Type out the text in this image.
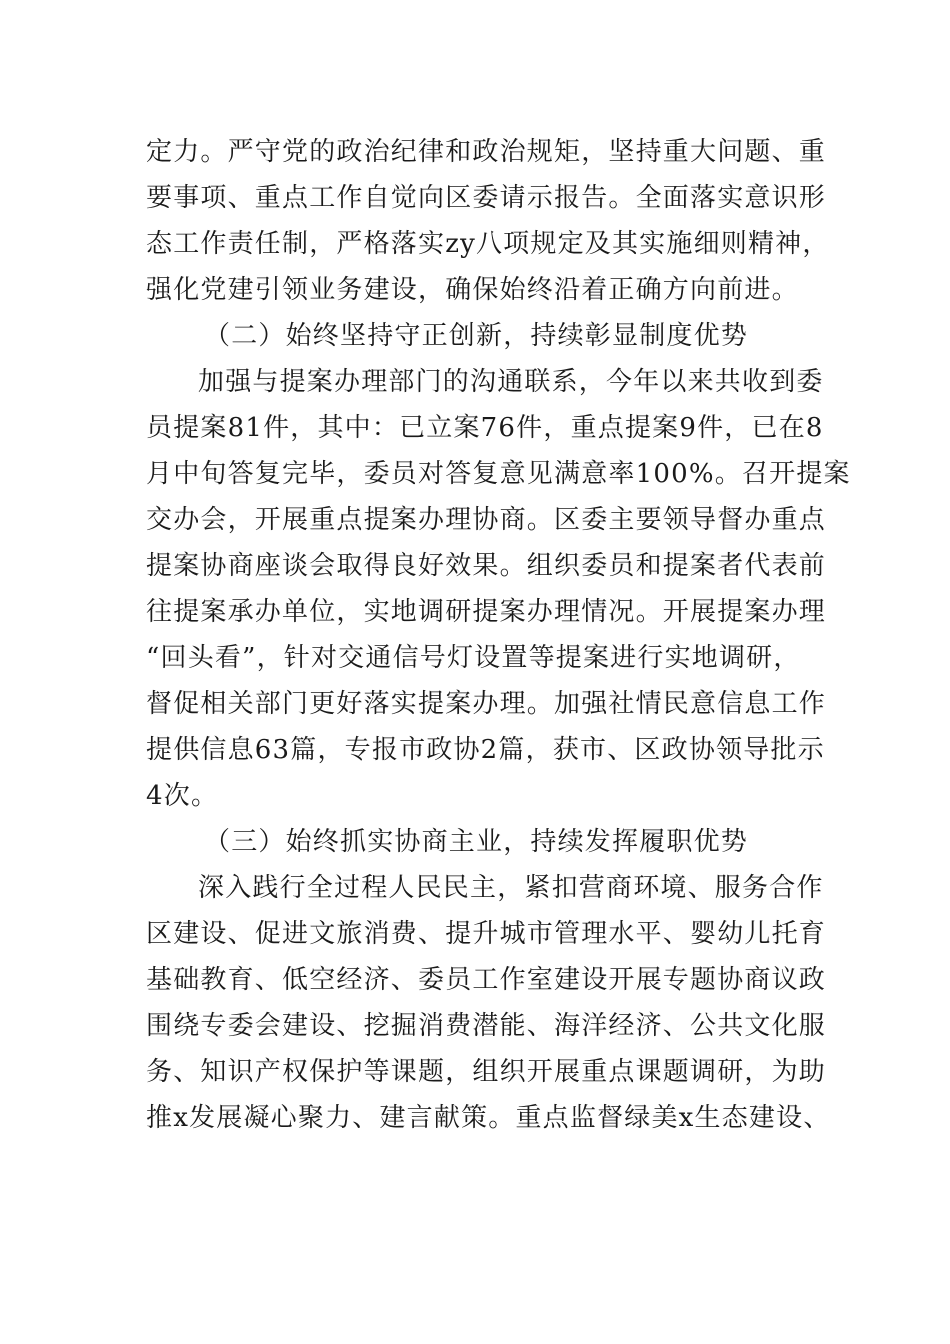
定力。严守党的政治纪律和政治规矩，坚持重大问题、重
要事项、重点工作自觉向区委请示报告。全面落实意识形
态工作责任制，严格落实zy八项规定及其实施细则精神，
强化党建引领业务建设，确保始终沿着正确方向前进。
（二）始终坚持守正创新，持续彰显制度优势
加强与提案办理部门的沟通联系，今年以来共收到委
员提案81件，其中：已立案76件，重点提案9件，已在8
月中旬答复完毕，委员对答复意见满意率100%。召开提案
交办会，开展重点提案办理协商。区委主要领导督办重点
提案协商座谈会取得良好效果。组织委员和提案者代表前
往提案承办单位，实地调研提案办理情况。开展提案办理
“回头看”，针对交通信号灯设置等提案进行实地调研，
督促相关部门更好落实提案办理。加强社情民意信息工作
提供信息63篇，专报市政协2篇，获市、区政协领导批示
4次。
（三）始终抓实协商主业，持续发挥履职优势
深入践行全过程人民民主，紧扣营商环境、服务合作
区建设、促进文旅消费、提升城市管理水平、婴幼儿托育
基础教育、低空经济、委员工作室建设开展专题协商议政
围绕专委会建设、挖掘消费潜能、海洋经济、公共文化服
务、知识产权保护等课题，组织开展重点课题调研，为助
推x发展凝心聚力、建言献策。重点监督绿美x生态建设、
